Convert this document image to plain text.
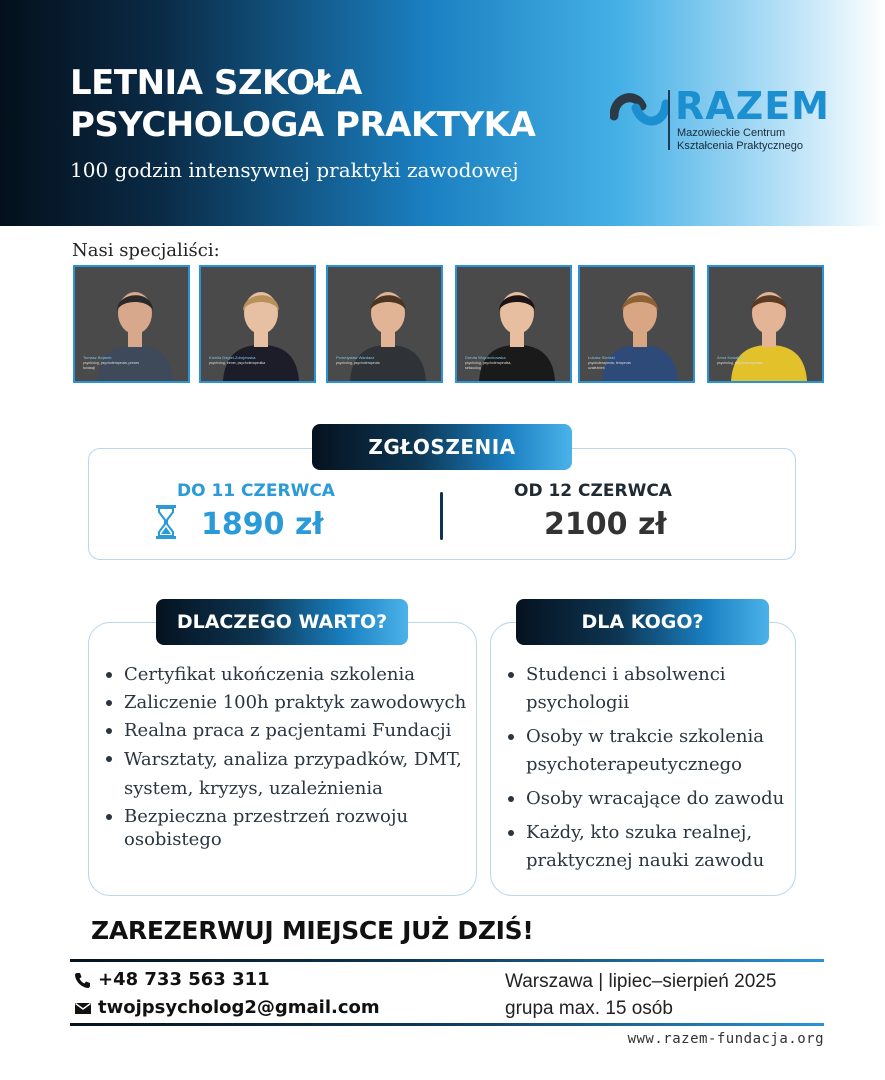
LETNIA SZKOŁA
PSYCHOLOGA PRAKTYKA
100 godzin intensywnej praktyki zawodowej
RAZEM
Mazowieckie Centrum
Kształcenia Praktycznego
Nasi specjaliści:
Tomasz Bojarek
psycholog, psychoterapeuta, prezes fundacji
Kamila Dagiel-Zdrojewska
psycholog, trener, psychoterapeutka
Przemysław Wardacz
psycholog, psychoterapeuta
Dorota Wojciechowska
psycholog, psychoterapeutka, seksuolog
Łukasz Sieński
psychoterapeuta, terapeuta uzależnień
Anna Kowalska
psycholog, psychoterapeutka
ZGŁOSZENIA
DO 11 CZERWCA
1890 zł
OD 12 CZERWCA
2100 zł
DLACZEGO WARTO?
Certyfikat ukończenia szkolenia
Zaliczenie 100h praktyk zawodowych
Realna praca z pacjentami Fundacji
Warsztaty, analiza przypadków, DMT, system, kryzys, uzależnienia
Bezpieczna przestrzeń rozwoju osobistego
DLA KOGO?
Studenci i absolwenci psychologii
Osoby w trakcie szkolenia psychoterapeutycznego
Osoby wracające do zawodu
Każdy, kto szuka realnej, praktycznej nauki zawodu
ZAREZERWUJ MIEJSCE JUŻ DZIŚ!
+48 733 563 311
twojpsycholog2@gmail.com
Warszawa | lipiec–sierpień 2025
grupa max. 15 osób
www.razem-fundacja.org
